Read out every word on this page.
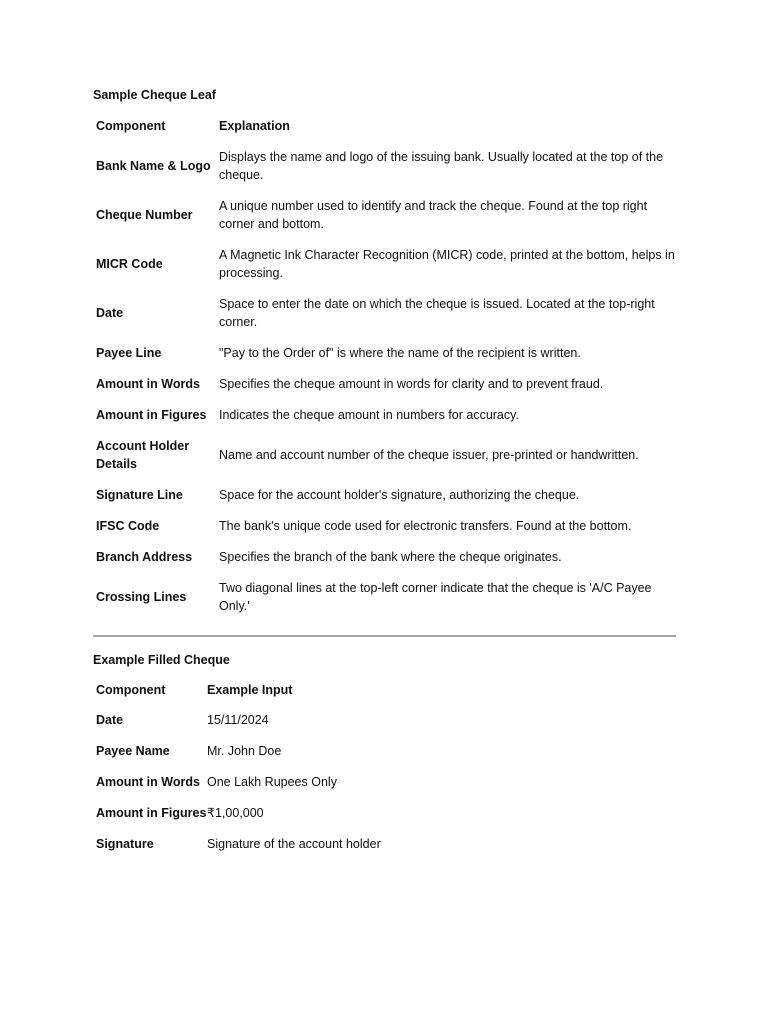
Sample Cheque Leaf

Component	Explanation
Bank Name & Logo	Displays the name and logo of the issuing bank. Usually located at the top of the cheque.
Cheque Number	A unique number used to identify and track the cheque. Found at the top right corner and bottom.
MICR Code	A Magnetic Ink Character Recognition (MICR) code, printed at the bottom, helps in processing.
Date	Space to enter the date on which the cheque is issued. Located at the top-right corner.
Payee Line	"Pay to the Order of" is where the name of the recipient is written.
Amount in Words	Specifies the cheque amount in words for clarity and to prevent fraud.
Amount in Figures	Indicates the cheque amount in numbers for accuracy.
Account Holder Details	Name and account number of the cheque issuer, pre-printed or handwritten.
Signature Line	Space for the account holder's signature, authorizing the cheque.
IFSC Code	The bank's unique code used for electronic transfers. Found at the bottom.
Branch Address	Specifies the branch of the bank where the cheque originates.
Crossing Lines	Two diagonal lines at the top-left corner indicate that the cheque is 'A/C Payee Only.'

Example Filled Cheque

Component	Example Input
Date	15/11/2024
Payee Name	Mr. John Doe
Amount in Words	One Lakh Rupees Only
Amount in Figures	₹1,00,000
Signature	Signature of the account holder
